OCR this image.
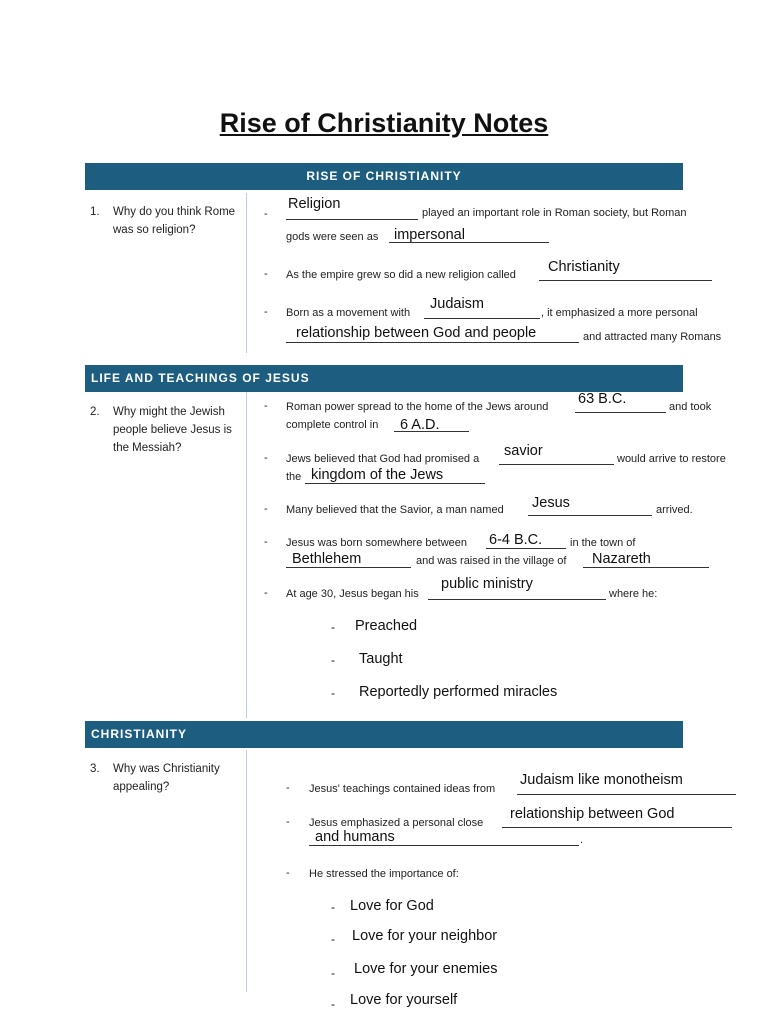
Rise of Christianity Notes
RISE OF CHRISTIANITY
1. Why do you think Rome was so religion?
-
Religion
played an important role in Roman society, but Roman
gods were seen as impersonal
- As the empire grew so did a new religion called Christianity
- Born as a movement with
Judaism
, it emphasized a more personal
relationship between God and people	and attracted many Romans
LIFE AND TEACHINGS OF JESUS
2. Why might the Jewish people believe Jesus is the Messiah?
- Roman power spread to the home of the Jews around 63 B.C.	and took
complete control in 6 A.D.
- Jews believed that God had promised a savior	would arrive to restore
the kingdom of the Jews
- Many believed that the Savior, a man named Jesus	arrived.
- Jesus was born somewhere between 6-4 B.C.	in the town of
Bethlehem	and was raised in the village of Nazareth
- At age 30, Jesus began his
public ministry
where he:
- Preached
- Taught
- Reportedly performed miracles
CHRISTIANITY
3. Why was Christianity appealing?	- Jesus' teachings contained ideas from
Judaism like monotheism
- Jesus emphasized a personal close
relationship between God
and humans	.
- He stressed the importance of:
- Love for God
- Love for your neighbor
- Love for your enemies
- Love for yourself
